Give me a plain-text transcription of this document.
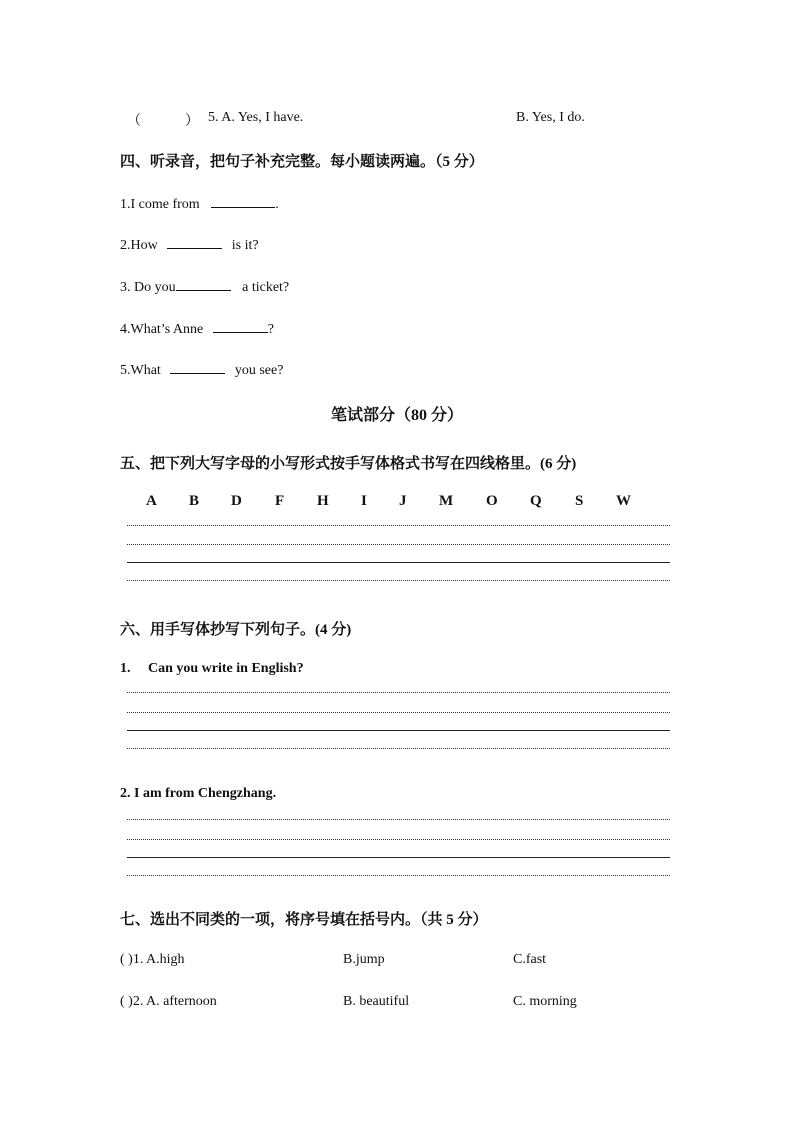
（	） 5. A. Yes, I have.	B. Yes, I do.
四、听录音，把句子补充完整。每小题读两遍。（5 分）
1.I come from	.
2.How	is it?
3. Do you	a ticket?
4.What’s Anne	?
5.What	you see?
笔试部分（80 分）
五、把下列大写字母的小写形式按手写体格式书写在四线格里。(6 分)
A B D F H I J M O Q S W
六、用手写体抄写下列句子。(4 分)
1. Can you write in English?
2. I am from Chengzhang.
七、选出不同类的一项，将序号填在括号内。（共 5 分）
( )1. A.high	B.jump	C.fast
( )2. A. afternoon	B. beautiful	C. morning
